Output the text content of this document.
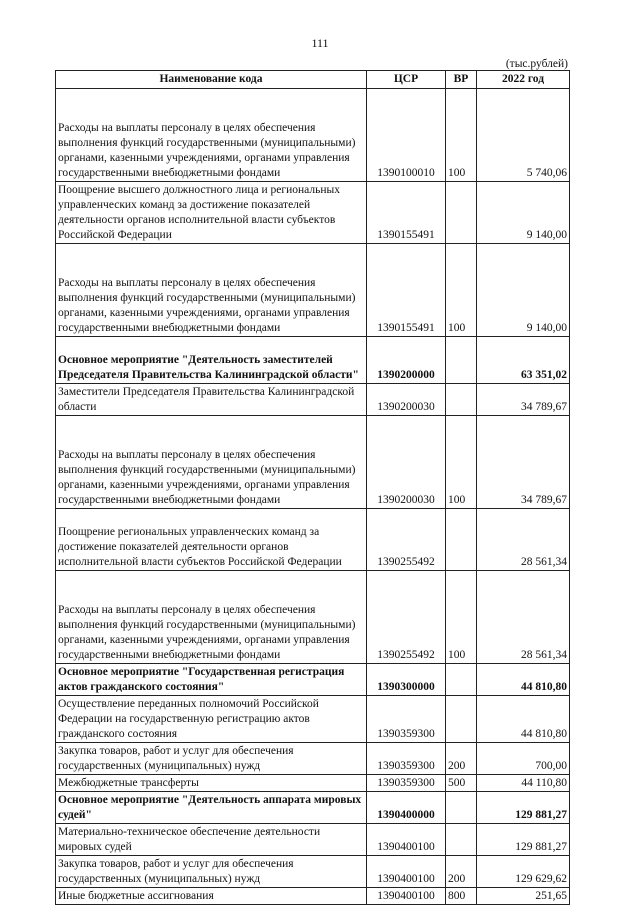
111
(тыс.рублей)
Наименование кода	ЦСР	ВР	2022 год
Расходы на выплаты персоналу в целях обеспечения выполнения функций государственными (муниципальными) органами, казенными учреждениями, органами управления государственными внебюджетными фондами	1390100010	100	5 740,06
Поощрение высшего должностного лица и региональных управленческих команд за достижение показателей деятельности органов исполнительной власти субъектов Российской Федерации	1390155491		9 140,00
Расходы на выплаты персоналу в целях обеспечения выполнения функций государственными (муниципальными) органами, казенными учреждениями, органами управления государственными внебюджетными фондами	1390155491	100	9 140,00
Основное мероприятие "Деятельность заместителей Председателя Правительства Калининградской области"	1390200000		63 351,02
Заместители Председателя Правительства Калининградской области	1390200030		34 789,67
Расходы на выплаты персоналу в целях обеспечения выполнения функций государственными (муниципальными) органами, казенными учреждениями, органами управления государственными внебюджетными фондами	1390200030	100	34 789,67
Поощрение региональных управленческих команд за достижение показателей деятельности органов исполнительной власти субъектов Российской Федерации	1390255492		28 561,34
Расходы на выплаты персоналу в целях обеспечения выполнения функций государственными (муниципальными) органами, казенными учреждениями, органами управления государственными внебюджетными фондами	1390255492	100	28 561,34
Основное мероприятие "Государственная регистрация актов гражданского состояния"	1390300000		44 810,80
Осуществление переданных полномочий Российской Федерации на государственную регистрацию актов гражданского состояния	1390359300		44 810,80
Закупка товаров, работ и услуг для обеспечения государственных (муниципальных) нужд	1390359300	200	700,00
Межбюджетные трансферты	1390359300	500	44 110,80
Основное мероприятие "Деятельность аппарата мировых судей"	1390400000		129 881,27
Материально-техническое обеспечение деятельности мировых судей	1390400100		129 881,27
Закупка товаров, работ и услуг для обеспечения государственных (муниципальных) нужд	1390400100	200	129 629,62
Иные бюджетные ассигнования	1390400100	800	251,65
